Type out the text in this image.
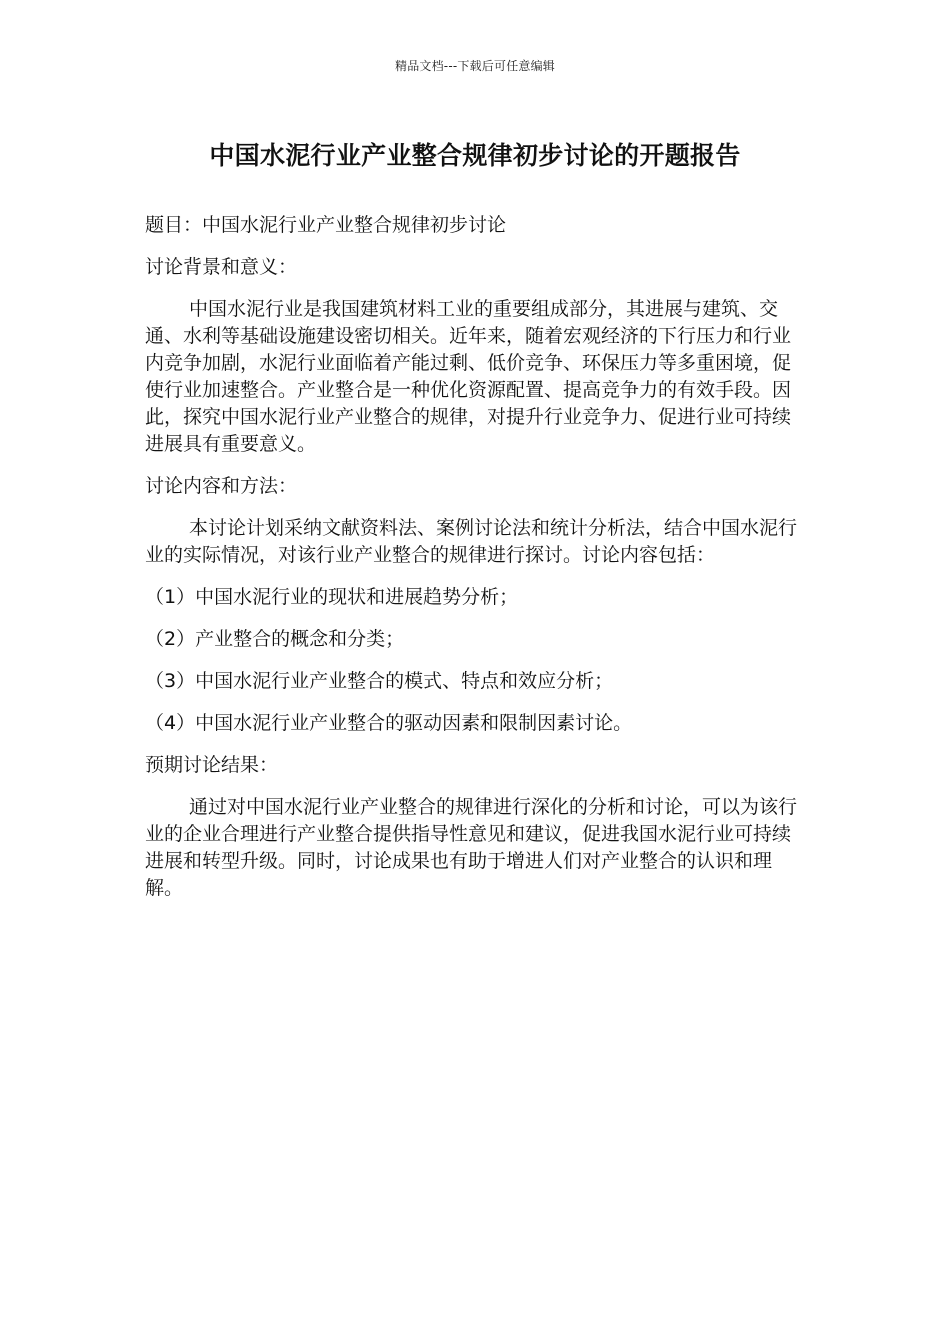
精品文档---下载后可任意编辑
中国水泥行业产业整合规律初步讨论的开题报告

题目：中国水泥行业产业整合规律初步讨论

讨论背景和意义：

中国水泥行业是我国建筑材料工业的重要组成部分，其进展与建筑、交通、水利等基础设施建设密切相关。近年来，随着宏观经济的下行压力和行业内竞争加剧，水泥行业面临着产能过剩、低价竞争、环保压力等多重困境，促使行业加速整合。产业整合是一种优化资源配置、提高竞争力的有效手段。因此，探究中国水泥行业产业整合的规律，对提升行业竞争力、促进行业可持续进展具有重要意义。

讨论内容和方法：

本讨论计划采纳文献资料法、案例讨论法和统计分析法，结合中国水泥行业的实际情况，对该行业产业整合的规律进行探讨。讨论内容包括：

（1）中国水泥行业的现状和进展趋势分析；

（2）产业整合的概念和分类；

（3）中国水泥行业产业整合的模式、特点和效应分析；

（4）中国水泥行业产业整合的驱动因素和限制因素讨论。

预期讨论结果：

通过对中国水泥行业产业整合的规律进行深化的分析和讨论，可以为该行业的企业合理进行产业整合提供指导性意见和建议，促进我国水泥行业可持续进展和转型升级。同时，讨论成果也有助于增进人们对产业整合的认识和理解。
